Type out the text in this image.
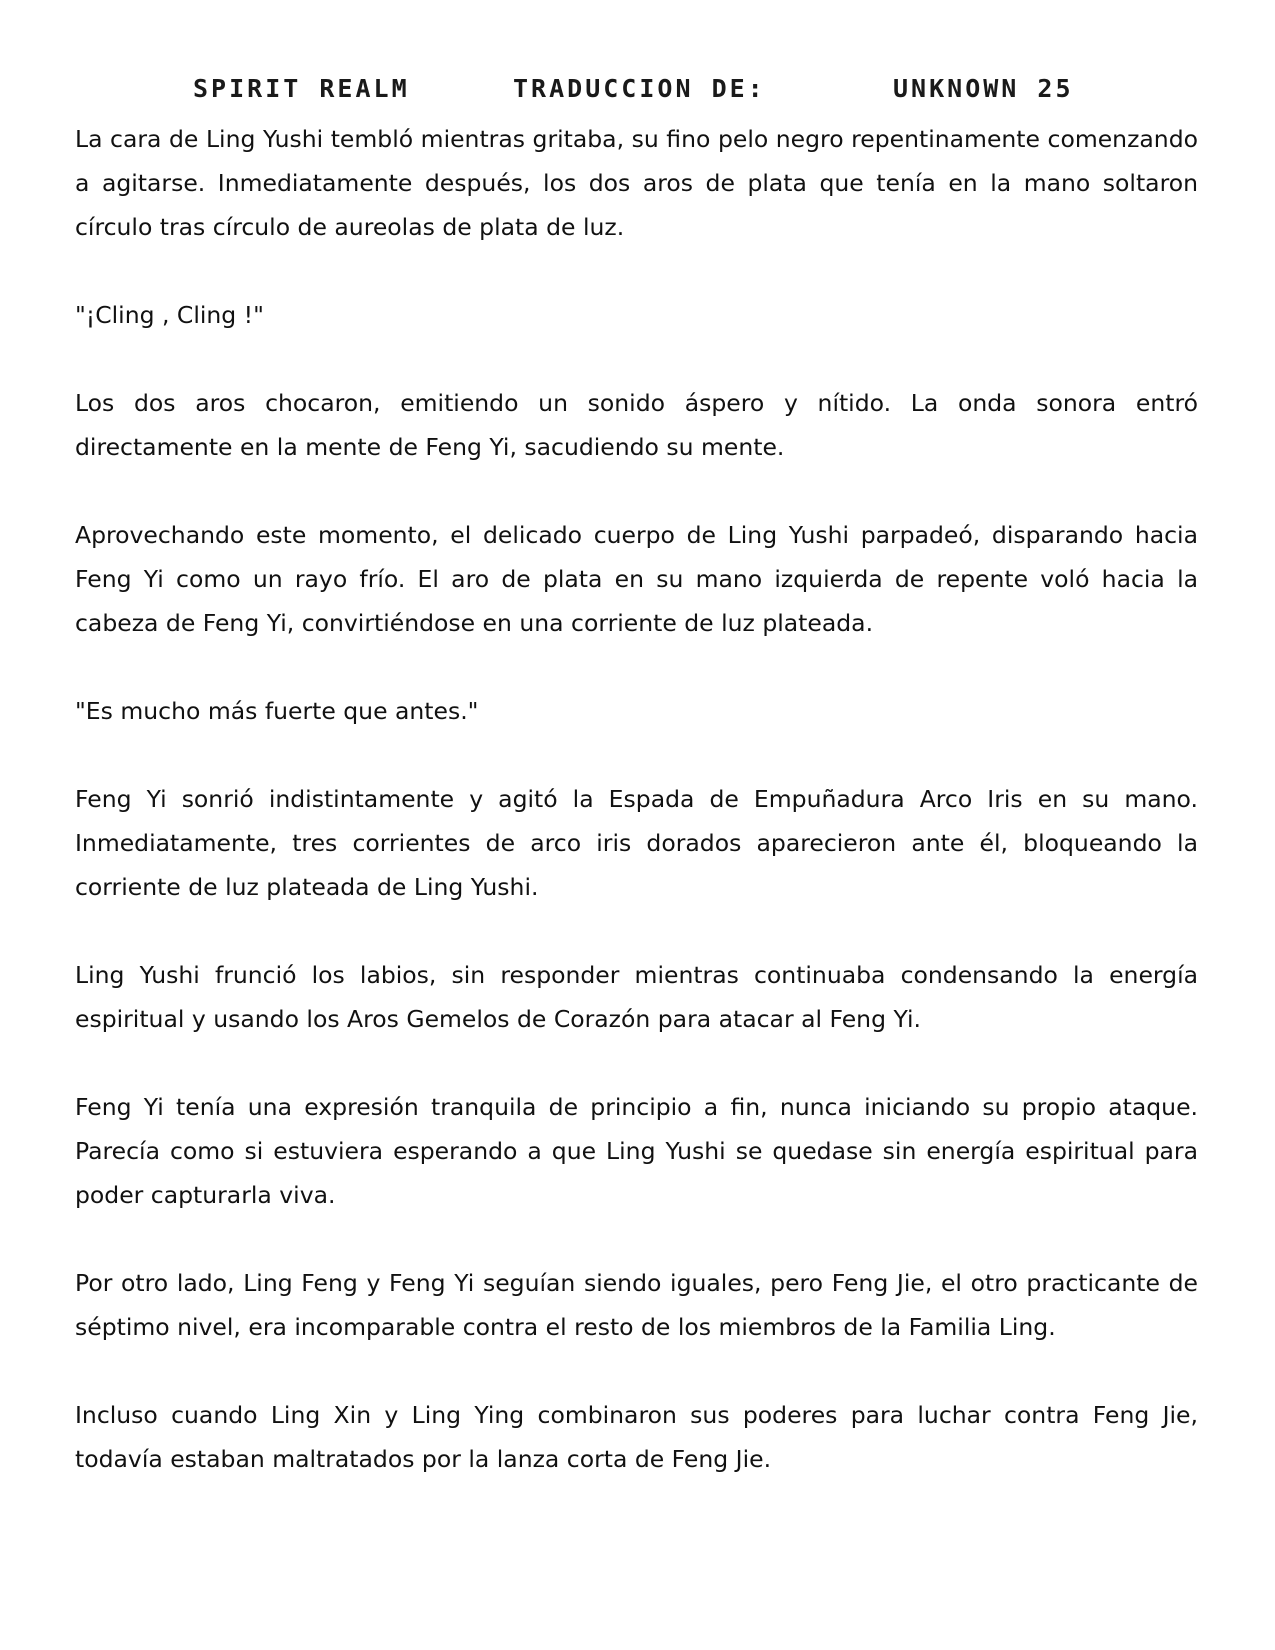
SPIRIT REALM	TRADUCCION DE:	UNKNOWN 25

La cara de Ling Yushi tembló mientras gritaba, su fino pelo negro repentinamente comenzando a agitarse. Inmediatamente después, los dos aros de plata que tenía en la mano soltaron círculo tras círculo de aureolas de plata de luz.

"¡Cling , Cling !"

Los dos aros chocaron, emitiendo un sonido áspero y nítido. La onda sonora entró directamente en la mente de Feng Yi, sacudiendo su mente.

Aprovechando este momento, el delicado cuerpo de Ling Yushi parpadeó, disparando hacia Feng Yi como un rayo frío. El aro de plata en su mano izquierda de repente voló hacia la cabeza de Feng Yi, convirtiéndose en una corriente de luz plateada.

"Es mucho más fuerte que antes."

Feng Yi sonrió indistintamente y agitó la Espada de Empuñadura Arco Iris en su mano. Inmediatamente, tres corrientes de arco iris dorados aparecieron ante él, bloqueando la corriente de luz plateada de Ling Yushi.

Ling Yushi frunció los labios, sin responder mientras continuaba condensando la energía espiritual y usando los Aros Gemelos de Corazón para atacar al Feng Yi.

Feng Yi tenía una expresión tranquila de principio a fin, nunca iniciando su propio ataque. Parecía como si estuviera esperando a que Ling Yushi se quedase sin energía espiritual para poder capturarla viva.

Por otro lado, Ling Feng y Feng Yi seguían siendo iguales, pero Feng Jie, el otro practicante de séptimo nivel, era incomparable contra el resto de los miembros de la Familia Ling.

Incluso cuando Ling Xin y Ling Ying combinaron sus poderes para luchar contra Feng Jie, todavía estaban maltratados por la lanza corta de Feng Jie.
